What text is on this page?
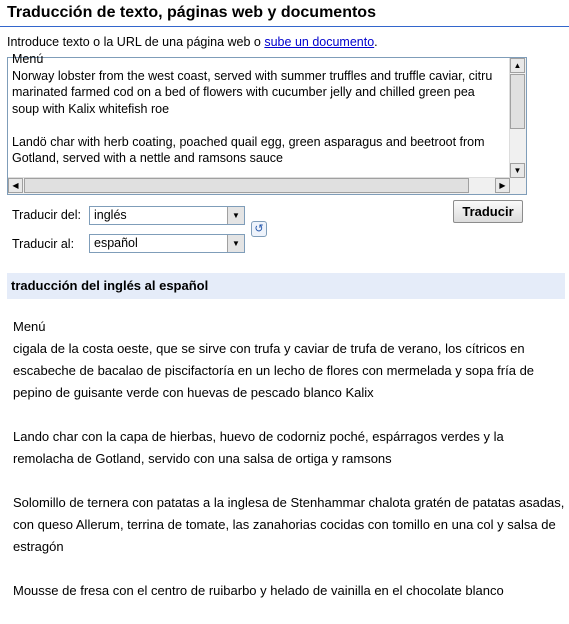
Traducción de texto, páginas web y documentos
Introduce texto o la URL de una página web o sube un documento.
Menú
Norway lobster from the west coast, served with summer truffles and truffle caviar, citru
marinated farmed cod on a bed of flowers with cucumber jelly and chilled green pea
soup with Kalix whitefish roe

Landö char with herb coating, poached quail egg, green asparagus and beetroot from
Gotland, served with a nettle and ramsons sauce
▲
▼
◀	▶
Traducir del:	inglés	▼
Traducir al:	español	▼
↺
Traducir
traducción del inglés al español

Menú
cigala de la costa oeste, que se sirve con trufa y caviar de trufa de verano, los cítricos en escabeche de bacalao de piscifactoría en un lecho de flores con mermelada y sopa fría de pepino de guisante verde con huevas de pescado blanco Kalix

Lando char con la capa de hierbas, huevo de codorniz poché, espárragos verdes y la remolacha de Gotland, servido con una salsa de ortiga y ramsons

Solomillo de ternera con patatas a la inglesa de Stenhammar chalota gratén de patatas asadas, con queso Allerum, terrina de tomate, las zanahorias cocidas con tomillo en una col y salsa de estragón

Mousse de fresa con el centro de ruibarbo y helado de vainilla en el chocolate blanco
